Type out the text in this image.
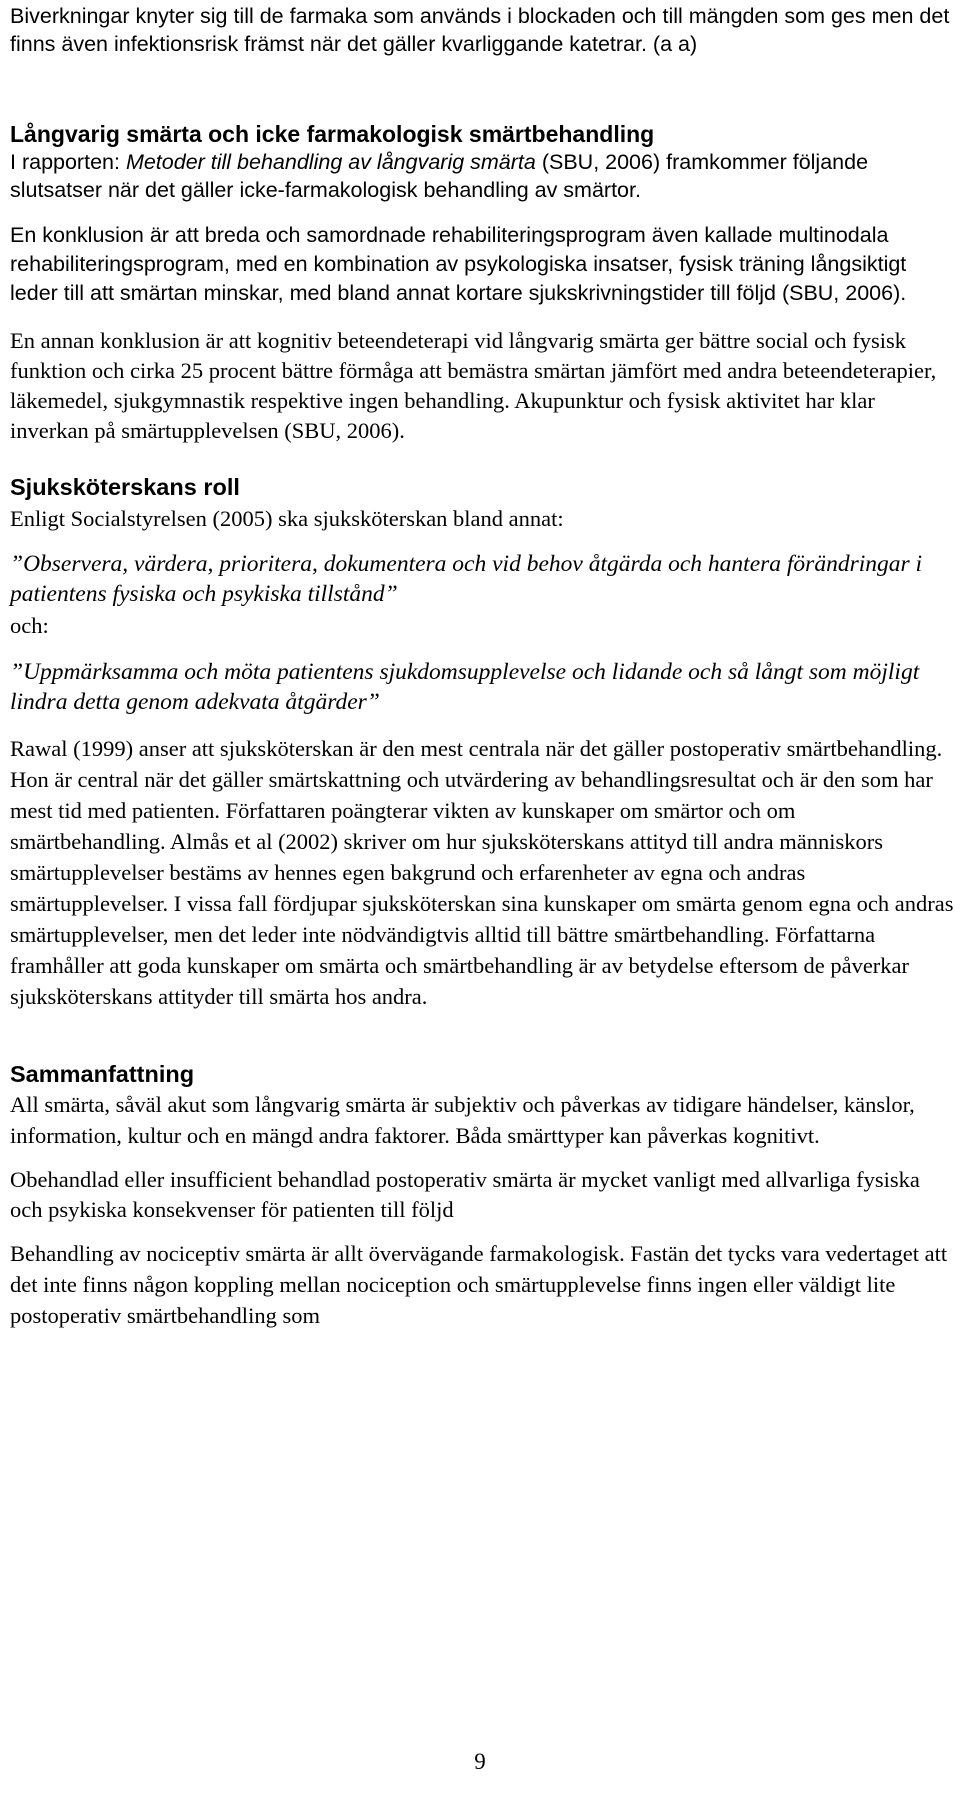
Biverkningar knyter sig till de farmaka som används i blockaden och till mängden som ges men det finns även infektionsrisk främst när det gäller kvarliggande katetrar. (a a)

Långvarig smärta och icke farmakologisk smärtbehandling

I rapporten: Metoder till behandling av långvarig smärta (SBU, 2006) framkommer följande slutsatser när det gäller icke-farmakologisk behandling av smärtor.

En konklusion är att breda och samordnade rehabiliteringsprogram även kallade multinodala rehabiliteringsprogram, med en kombination av psykologiska insatser, fysisk träning långsiktigt leder till att smärtan minskar, med bland annat kortare sjukskrivningstider till följd (SBU, 2006).

En annan konklusion är att kognitiv beteendeterapi vid långvarig smärta ger bättre social och fysisk funktion och cirka 25 procent bättre förmåga att bemästra smärtan jämfört med andra beteendeterapier, läkemedel, sjukgymnastik respektive ingen behandling. Akupunktur och fysisk aktivitet har klar inverkan på smärtupplevelsen (SBU, 2006).

Sjuksköterskans roll

Enligt Socialstyrelsen (2005) ska sjuksköterskan bland annat:

”Observera, värdera, prioritera, dokumentera och vid behov åtgärda och hantera förändringar i patientens fysiska och psykiska tillstånd”

och:

”Uppmärksamma och möta patientens sjukdomsupplevelse och lidande och så långt som möjligt lindra detta genom adekvata åtgärder”

Rawal (1999) anser att sjuksköterskan är den mest centrala när det gäller postoperativ smärtbehandling. Hon är central när det gäller smärtskattning och utvärdering av behandlingsresultat och är den som har mest tid med patienten. Författaren poängterar vikten av kunskaper om smärtor och om smärtbehandling. Almås et al (2002) skriver om hur sjuksköterskans attityd till andra människors smärtupplevelser bestäms av hennes egen bakgrund och erfarenheter av egna och andras smärtupplevelser. I vissa fall fördjupar sjuksköterskan sina kunskaper om smärta genom egna och andras smärtupplevelser, men det leder inte nödvändigtvis alltid till bättre smärtbehandling. Författarna framhåller att goda kunskaper om smärta och smärtbehandling är av betydelse eftersom de påverkar sjuksköterskans attityder till smärta hos andra.

Sammanfattning

All smärta, såväl akut som långvarig smärta är subjektiv och påverkas av tidigare händelser, känslor, information, kultur och en mängd andra faktorer. Båda smärttyper kan påverkas kognitivt.

Obehandlad eller insufficient behandlad postoperativ smärta är mycket vanligt med allvarliga fysiska och psykiska konsekvenser för patienten till följd

Behandling av nociceptiv smärta är allt övervägande farmakologisk. Fastän det tycks vara vedertaget att det inte finns någon koppling mellan nociception och smärtupplevelse finns ingen eller väldigt lite postoperativ smärtbehandling som

9
